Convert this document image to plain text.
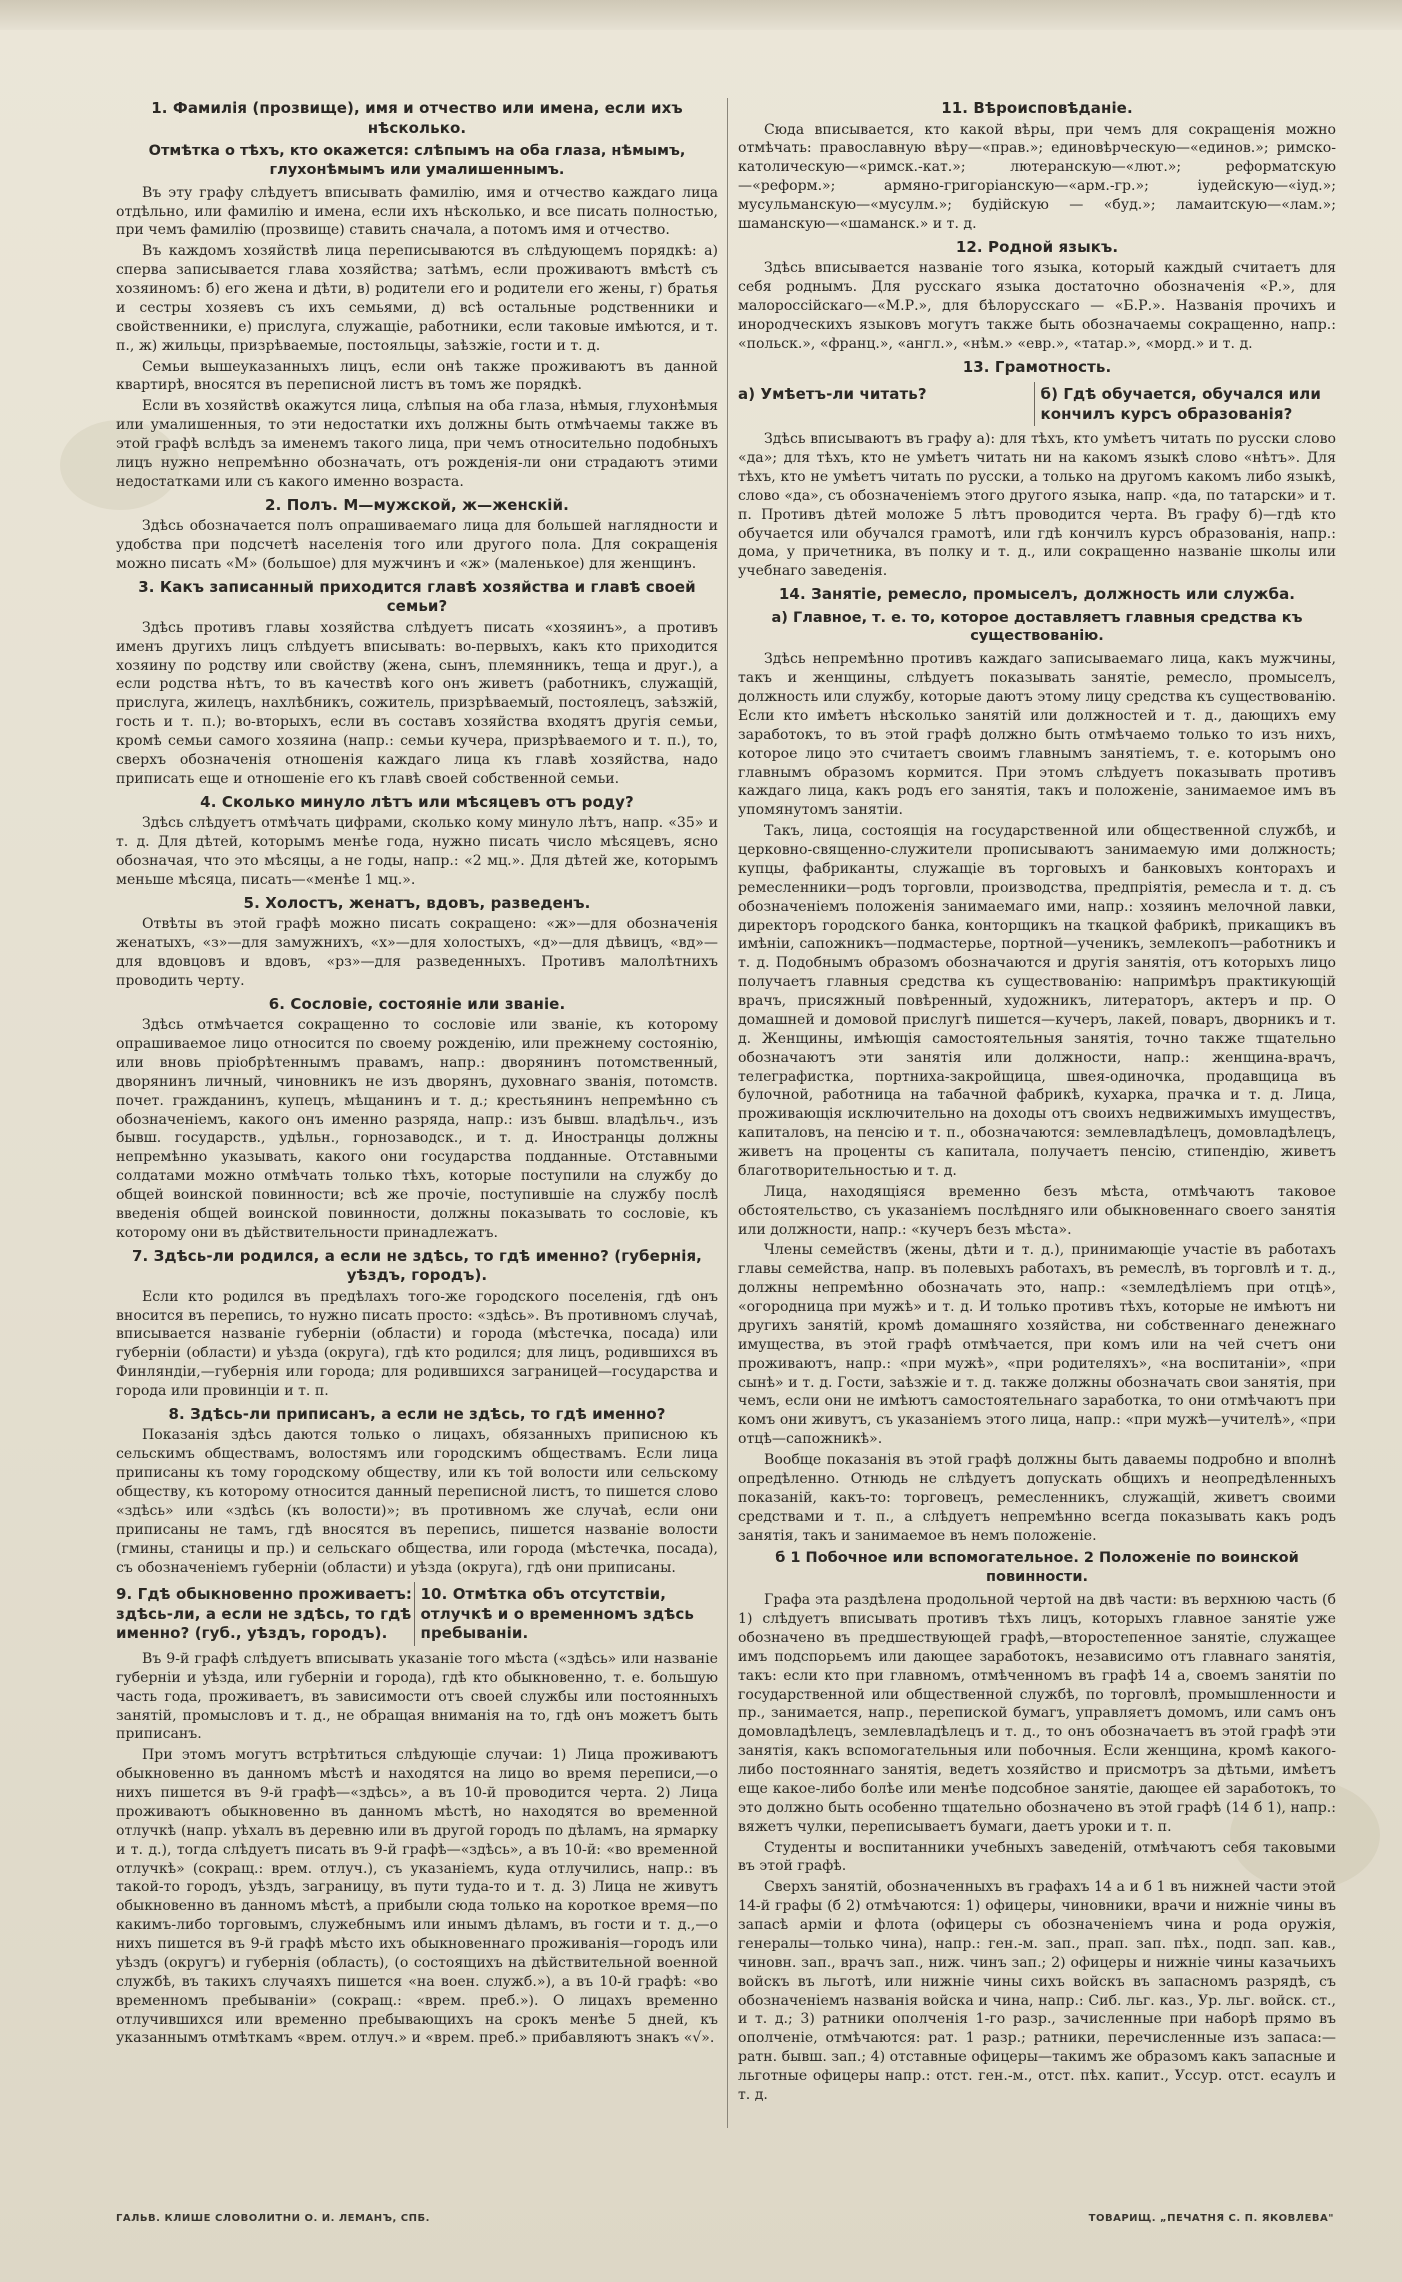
1. Фамилія (прозвище), имя и отчество или имена, если ихъ нѣсколько.
Отмѣтка о тѣхъ, кто окажется: слѣпымъ на оба глаза, нѣмымъ, глухонѣмымъ или умалишеннымъ.

Въ эту графу слѣдуетъ вписывать фамилію, имя и отчество каждаго лица отдѣльно, или фамилію и имена, если ихъ нѣсколько, и все писать полностью, при чемъ фамилію (прозвище) ставить сначала, а потомъ имя и отчество.

Въ каждомъ хозяйствѣ лица переписываются въ слѣдующемъ порядкѣ: а) сперва записывается глава хозяйства; затѣмъ, если проживаютъ вмѣстѣ съ хозяиномъ: б) его жена и дѣти, в) родители его и родители его жены, г) братья и сестры хозяевъ съ ихъ семьями, д) всѣ остальные родственники и свойственники, е) прислуга, служащіе, работники, если таковые имѣются, и т. п., ж) жильцы, призрѣваемые, постояльцы, заѣзжіе, гости и т. д.

Семьи вышеуказанныхъ лицъ, если онѣ также проживаютъ въ данной квартирѣ, вносятся въ переписной листъ въ томъ же порядкѣ.

Если въ хозяйствѣ окажутся лица, слѣпыя на оба глаза, нѣмыя, глухонѣмыя или умалишенныя, то эти недостатки ихъ должны быть отмѣчаемы также въ этой графѣ вслѣдъ за именемъ такого лица, при чемъ относительно подобныхъ лицъ нужно непремѣнно обозначать, отъ рожденія-ли они страдаютъ этими недостатками или съ какого именно возраста.

2. Полъ. М—мужской, ж—женскій.

Здѣсь обозначается полъ опрашиваемаго лица для большей наглядности и удобства при подсчетѣ населенія того или другого пола. Для сокращенія можно писать «М» (большое) для мужчинъ и «ж» (маленькое) для женщинъ.

3. Какъ записанный приходится главѣ хозяйства и главѣ своей семьи?

Здѣсь противъ главы хозяйства слѣдуетъ писать «хозяинъ», а противъ именъ другихъ лицъ слѣдуетъ вписывать: во-первыхъ, какъ кто приходится хозяину по родству или свойству (жена, сынъ, племянникъ, теща и друг.), а если родства нѣтъ, то въ качествѣ кого онъ живетъ (работникъ, служащій, прислуга, жилецъ, нахлѣбникъ, сожитель, призрѣваемый, постоялецъ, заѣзжій, гость и т. п.); во-вторыхъ, если въ составъ хозяйства входятъ другія семьи, кромѣ семьи самого хозяина (напр.: семьи кучера, призрѣваемого и т. п.), то, сверхъ обозначенія отношенія каждаго лица къ главѣ хозяйства, надо приписать еще и отношеніе его къ главѣ своей собственной семьи.

4. Сколько минуло лѣтъ или мѣсяцевъ отъ роду?

Здѣсь слѣдуетъ отмѣчать цифрами, сколько кому минуло лѣтъ, напр. «35» и т. д. Для дѣтей, которымъ менѣе года, нужно писать число мѣсяцевъ, ясно обозначая, что это мѣсяцы, а не годы, напр.: «2 мц.». Для дѣтей же, которымъ меньше мѣсяца, писать—«менѣе 1 мц.».

5. Холостъ, женатъ, вдовъ, разведенъ.

Отвѣты въ этой графѣ можно писать сокращено: «ж»—для обозначенія женатыхъ, «з»—для замужнихъ, «х»—для холостыхъ, «д»—для дѣвицъ, «вд»—для вдовцовъ и вдовъ, «рз»—для разведенныхъ. Противъ малолѣтнихъ проводить черту.

6. Сословіе, состояніе или званіе.

Здѣсь отмѣчается сокращенно то сословіе или званіе, къ которому опрашиваемое лицо относится по своему рожденію, или прежнему состоянію, или вновь пріобрѣтеннымъ правамъ, напр.: дворянинъ потомственный, дворянинъ личный, чиновникъ не изъ дворянъ, духовнаго званія, потомств. почет. гражданинъ, купецъ, мѣщанинъ и т. д.; крестьянинъ непремѣнно съ обозначеніемъ, какого онъ именно разряда, напр.: изъ бывш. владѣльч., изъ бывш. государств., удѣльн., горнозаводск., и т. д. Иностранцы должны непремѣнно указывать, какого они государства подданные. Отставными солдатами можно отмѣчать только тѣхъ, которые поступили на службу до общей воинской повинности; всѣ же прочіе, поступившіе на службу послѣ введенія общей воинской повинности, должны показывать то сословіе, къ которому они въ дѣйствительности принадлежатъ.

7. Здѣсь-ли родился, а если не здѣсь, то гдѣ именно? (губернія, уѣздъ, городъ).

Если кто родился въ предѣлахъ того-же городского поселенія, гдѣ онъ вносится въ перепись, то нужно писать просто: «здѣсь». Въ противномъ случаѣ, вписывается названіе губерніи (области) и города (мѣстечка, посада) или губерніи (области) и уѣзда (округа), гдѣ кто родился; для лицъ, родившихся въ Финляндіи,—губернія или города; для родившихся заграницей—государства и города или провинціи и т. п.

8. Здѣсь-ли приписанъ, а если не здѣсь, то гдѣ именно?

Показанія здѣсь даются только о лицахъ, обязанныхъ приписною къ сельскимъ обществамъ, волостямъ или городскимъ обществамъ. Если лица приписаны къ тому городскому обществу, или къ той волости или сельскому обществу, къ которому относится данный переписной листъ, то пишется слово «здѣсь» или «здѣсь (къ волости)»; въ противномъ же случаѣ, если они приписаны не тамъ, гдѣ вносятся въ перепись, пишется названіе волости (гмины, станицы и пр.) и сельскаго общества, или города (мѣстечка, посада), съ обозначеніемъ губерніи (области) и уѣзда (округа), гдѣ они приписаны.

9. Гдѣ обыкновенно проживаетъ: здѣсь-ли, а если не здѣсь, то гдѣ именно? (губ., уѣздъ, городъ).
10. Отмѣтка объ отсутствіи, отлучкѣ и о временномъ здѣсь пребываніи.

Въ 9-й графѣ слѣдуетъ вписывать указаніе того мѣста («здѣсь» или названіе губерніи и уѣзда, или губерніи и города), гдѣ кто обыкновенно, т. е. большую часть года, проживаетъ, въ зависимости отъ своей службы или постоянныхъ занятій, промысловъ и т. д., не обращая вниманія на то, гдѣ онъ можетъ быть приписанъ.

При этомъ могутъ встрѣтиться слѣдующіе случаи: 1) Лица проживаютъ обыкновенно въ данномъ мѣстѣ и находятся на лицо во время переписи,—о нихъ пишется въ 9-й графѣ—«здѣсь», а въ 10-й проводится черта. 2) Лица проживаютъ обыкновенно въ данномъ мѣстѣ, но находятся во временной отлучкѣ (напр. уѣхалъ въ деревню или въ другой городъ по дѣламъ, на ярмарку и т. д.), тогда слѣдуетъ писать въ 9-й графѣ—«здѣсь», а въ 10-й: «во временной отлучкѣ» (сокращ.: врем. отлуч.), съ указаніемъ, куда отлучились, напр.: въ такой-то городъ, уѣздъ, заграницу, въ пути туда-то и т. д. 3) Лица не живутъ обыкновенно въ данномъ мѣстѣ, а прибыли сюда только на короткое время—по какимъ-либо торговымъ, служебнымъ или инымъ дѣламъ, въ гости и т. д.,—о нихъ пишется въ 9-й графѣ мѣсто ихъ обыкновеннаго проживанія—городъ или уѣздъ (округъ) и губернія (область), (о состоящихъ на дѣйствительной военной службѣ, въ такихъ случаяхъ пишется «на воен. служб.»), а въ 10-й графѣ: «во временномъ пребываніи» (сокращ.: «врем. преб.»). О лицахъ временно отлучившихся или временно пребывающихъ на срокъ менѣе 5 дней, къ указаннымъ отмѣткамъ «врем. отлуч.» и «врем. преб.» прибавляютъ знакъ «√».

11. Вѣроисповѣданіе.

Сюда вписывается, кто какой вѣры, при чемъ для сокращенія можно отмѣчать: православную вѣру—«прав.»; единовѣрческую—«единов.»; римско-католическую—«римск.-кат.»; лютеранскую—«лют.»; реформатскую—«реформ.»; армяно-григоріанскую—«арм.-гр.»; іудейскую—«іуд.»; мусульманскую—«мусулм.»; будійскую — «буд.»; ламаитскую—«лам.»; шаманскую—«шаманск.» и т. д.

12. Родной языкъ.

Здѣсь вписывается названіе того языка, который каждый считаетъ для себя роднымъ. Для русскаго языка достаточно обозначенія «Р.», для малороссійскаго—«М.Р.», для бѣлорусскаго — «Б.Р.». Названія прочихъ и инородческихъ языковъ могутъ также быть обозначаемы сокращенно, напр.: «польск.», «франц.», «англ.», «нѣм.» «евр.», «татар.», «морд.» и т. д.

13. Грамотность.
а) Умѣетъ-ли читать?	б) Гдѣ обучается, обучался или кончилъ курсъ образованія?

Здѣсь вписываютъ въ графу а): для тѣхъ, кто умѣетъ читать по русски слово «да»; для тѣхъ, кто не умѣетъ читать ни на какомъ языкѣ слово «нѣтъ». Для тѣхъ, кто не умѣетъ читать по русски, а только на другомъ какомъ либо языкѣ, слово «да», съ обозначеніемъ этого другого языка, напр. «да, по татарски» и т. п. Противъ дѣтей моложе 5 лѣтъ проводится черта. Въ графу б)—гдѣ кто обучается или обучался грамотѣ, или гдѣ кончилъ курсъ образованія, напр.: дома, у причетника, въ полку и т. д., или сокращенно названіе школы или учебнаго заведенія.

14. Занятіе, ремесло, промыселъ, должность или служба.
а) Главное, т. е. то, которое доставляетъ главныя средства къ существованію.

Здѣсь непремѣнно противъ каждаго записываемаго лица, какъ мужчины, такъ и женщины, слѣдуетъ показывать занятіе, ремесло, промыселъ, должность или службу, которые даютъ этому лицу средства къ существованію. Если кто имѣетъ нѣсколько занятій или должностей и т. д., дающихъ ему заработокъ, то въ этой графѣ должно быть отмѣчаемо только то изъ нихъ, которое лицо это считаетъ своимъ главнымъ занятіемъ, т. е. которымъ оно главнымъ образомъ кормится. При этомъ слѣдуетъ показывать противъ каждаго лица, какъ родъ его занятія, такъ и положеніе, занимаемое имъ въ упомянутомъ занятіи.

Такъ, лица, состоящія на государственной или общественной службѣ, и церковно-священно-служители прописываютъ занимаемую ими должность; купцы, фабриканты, служащіе въ торговыхъ и банковыхъ конторахъ и ремесленники—родъ торговли, производства, предпріятія, ремесла и т. д. съ обозначеніемъ положенія занимаемаго ими, напр.: хозяинъ мелочной лавки, директоръ городского банка, конторщикъ на ткацкой фабрикѣ, прикащикъ въ имѣніи, сапожникъ—подмастерье, портной—ученикъ, землекопъ—работникъ и т. д. Подобнымъ образомъ обозначаются и другія занятія, отъ которыхъ лицо получаетъ главныя средства къ существованію: напримѣръ практикующій врачъ, присяжный повѣренный, художникъ, литераторъ, актеръ и пр. О домашней и домовой прислугѣ пишется—кучеръ, лакей, поваръ, дворникъ и т. д. Женщины, имѣющія самостоятельныя занятія, точно также тщательно обозначаютъ эти занятія или должности, напр.: женщина-врачъ, телеграфистка, портниха-закройщица, швея-одиночка, продавщица въ булочной, работница на табачной фабрикѣ, кухарка, прачка и т. д. Лица, проживающія исключительно на доходы отъ своихъ недвижимыхъ имуществъ, капиталовъ, на пенсію и т. п., обозначаются: землевладѣлецъ, домовладѣлецъ, живетъ на проценты съ капитала, получаетъ пенсію, стипендію, живетъ благотворительностью и т. д.

Лица, находящіяся временно безъ мѣста, отмѣчаютъ таковое обстоятельство, съ указаніемъ послѣдняго или обыкновеннаго своего занятія или должности, напр.: «кучеръ безъ мѣста».

Члены семействъ (жены, дѣти и т. д.), принимающіе участіе въ работахъ главы семейства, напр. въ полевыхъ работахъ, въ ремеслѣ, въ торговлѣ и т. д., должны непремѣнно обозначать это, напр.: «земледѣліемъ при отцѣ», «огородница при мужѣ» и т. д. И только противъ тѣхъ, которые не имѣютъ ни другихъ занятій, кромѣ домашняго хозяйства, ни собственнаго денежнаго имущества, въ этой графѣ отмѣчается, при комъ или на чей счетъ они проживаютъ, напр.: «при мужѣ», «при родителяхъ», «на воспитаніи», «при сынѣ» и т. д. Гости, заѣзжіе и т. д. также должны обозначать свои занятія, при чемъ, если они не имѣютъ самостоятельнаго заработка, то они отмѣчаютъ при комъ они живутъ, съ указаніемъ этого лица, напр.: «при мужѣ—учителѣ», «при отцѣ—сапожникѣ».

Вообще показанія въ этой графѣ должны быть даваемы подробно и вполнѣ опредѣленно. Отнюдь не слѣдуетъ допускать общихъ и неопредѣленныхъ показаній, какъ-то: торговецъ, ремесленникъ, служащій, живетъ своими средствами и т. п., а слѣдуетъ непремѣнно всегда показывать какъ родъ занятія, такъ и занимаемое въ немъ положеніе.

б 1 Побочное или вспомогательное. 2 Положеніе по воинской повинности.

Графа эта раздѣлена продольной чертой на двѣ части: въ верхнюю часть (б 1) слѣдуетъ вписывать противъ тѣхъ лицъ, которыхъ главное занятіе уже обозначено въ предшествующей графѣ,—второстепенное занятіе, служащее имъ подспорьемъ или дающее заработокъ, независимо отъ главнаго занятія, такъ: если кто при главномъ, отмѣченномъ въ графѣ 14 а, своемъ занятіи по государственной или общественной службѣ, по торговлѣ, промышленности и пр., занимается, напр., перепиской бумагъ, управляетъ домомъ, или самъ онъ домовладѣлецъ, землевладѣлецъ и т. д., то онъ обозначаетъ въ этой графѣ эти занятія, какъ вспомогательныя или побочныя. Если женщина, кромѣ какого-либо постояннаго занятія, ведетъ хозяйство и присмотръ за дѣтьми, имѣетъ еще какое-либо болѣе или менѣе подсобное занятіе, дающее ей заработокъ, то это должно быть особенно тщательно обозначено въ этой графѣ (14 б 1), напр.: вяжетъ чулки, переписываетъ бумаги, даетъ уроки и т. п.

Студенты и воспитанники учебныхъ заведеній, отмѣчаютъ себя таковыми въ этой графѣ.

Сверхъ занятій, обозначенныхъ въ графахъ 14 а и б 1 въ нижней части этой 14-й графы (б 2) отмѣчаются: 1) офицеры, чиновники, врачи и нижніе чины въ запасѣ арміи и флота (офицеры съ обозначеніемъ чина и рода оружія, генералы—только чина), напр.: ген.-м. зап., прап. зап. пѣх., подп. зап. кав., чиновн. зап., врачъ зап., ниж. чинъ зап.; 2) офицеры и нижніе чины казачьихъ войскъ въ льготѣ, или нижніе чины сихъ войскъ въ запасномъ разрядѣ, съ обозначеніемъ названія войска и чина, напр.: Сиб. льг. каз., Ур. льг. войск. ст., и т. д.; 3) ратники ополченія 1-го разр., зачисленные при наборѣ прямо въ ополченіе, отмѣчаются: рат. 1 разр.; ратники, перечисленные изъ запаса:—ратн. бывш. зап.; 4) отставные офицеры—такимъ же образомъ какъ запасные и льготные офицеры напр.: отст. ген.-м., отст. пѣх. капит., Уссур. отст. есаулъ и т. д.

ГАЛЬВ. КЛИШЕ СЛОВОЛИТНИ О. И. ЛЕМАНЪ, СПБ.	ТОВАРИЩ. „ПЕЧАТНЯ С. П. ЯКОВЛЕВА"
